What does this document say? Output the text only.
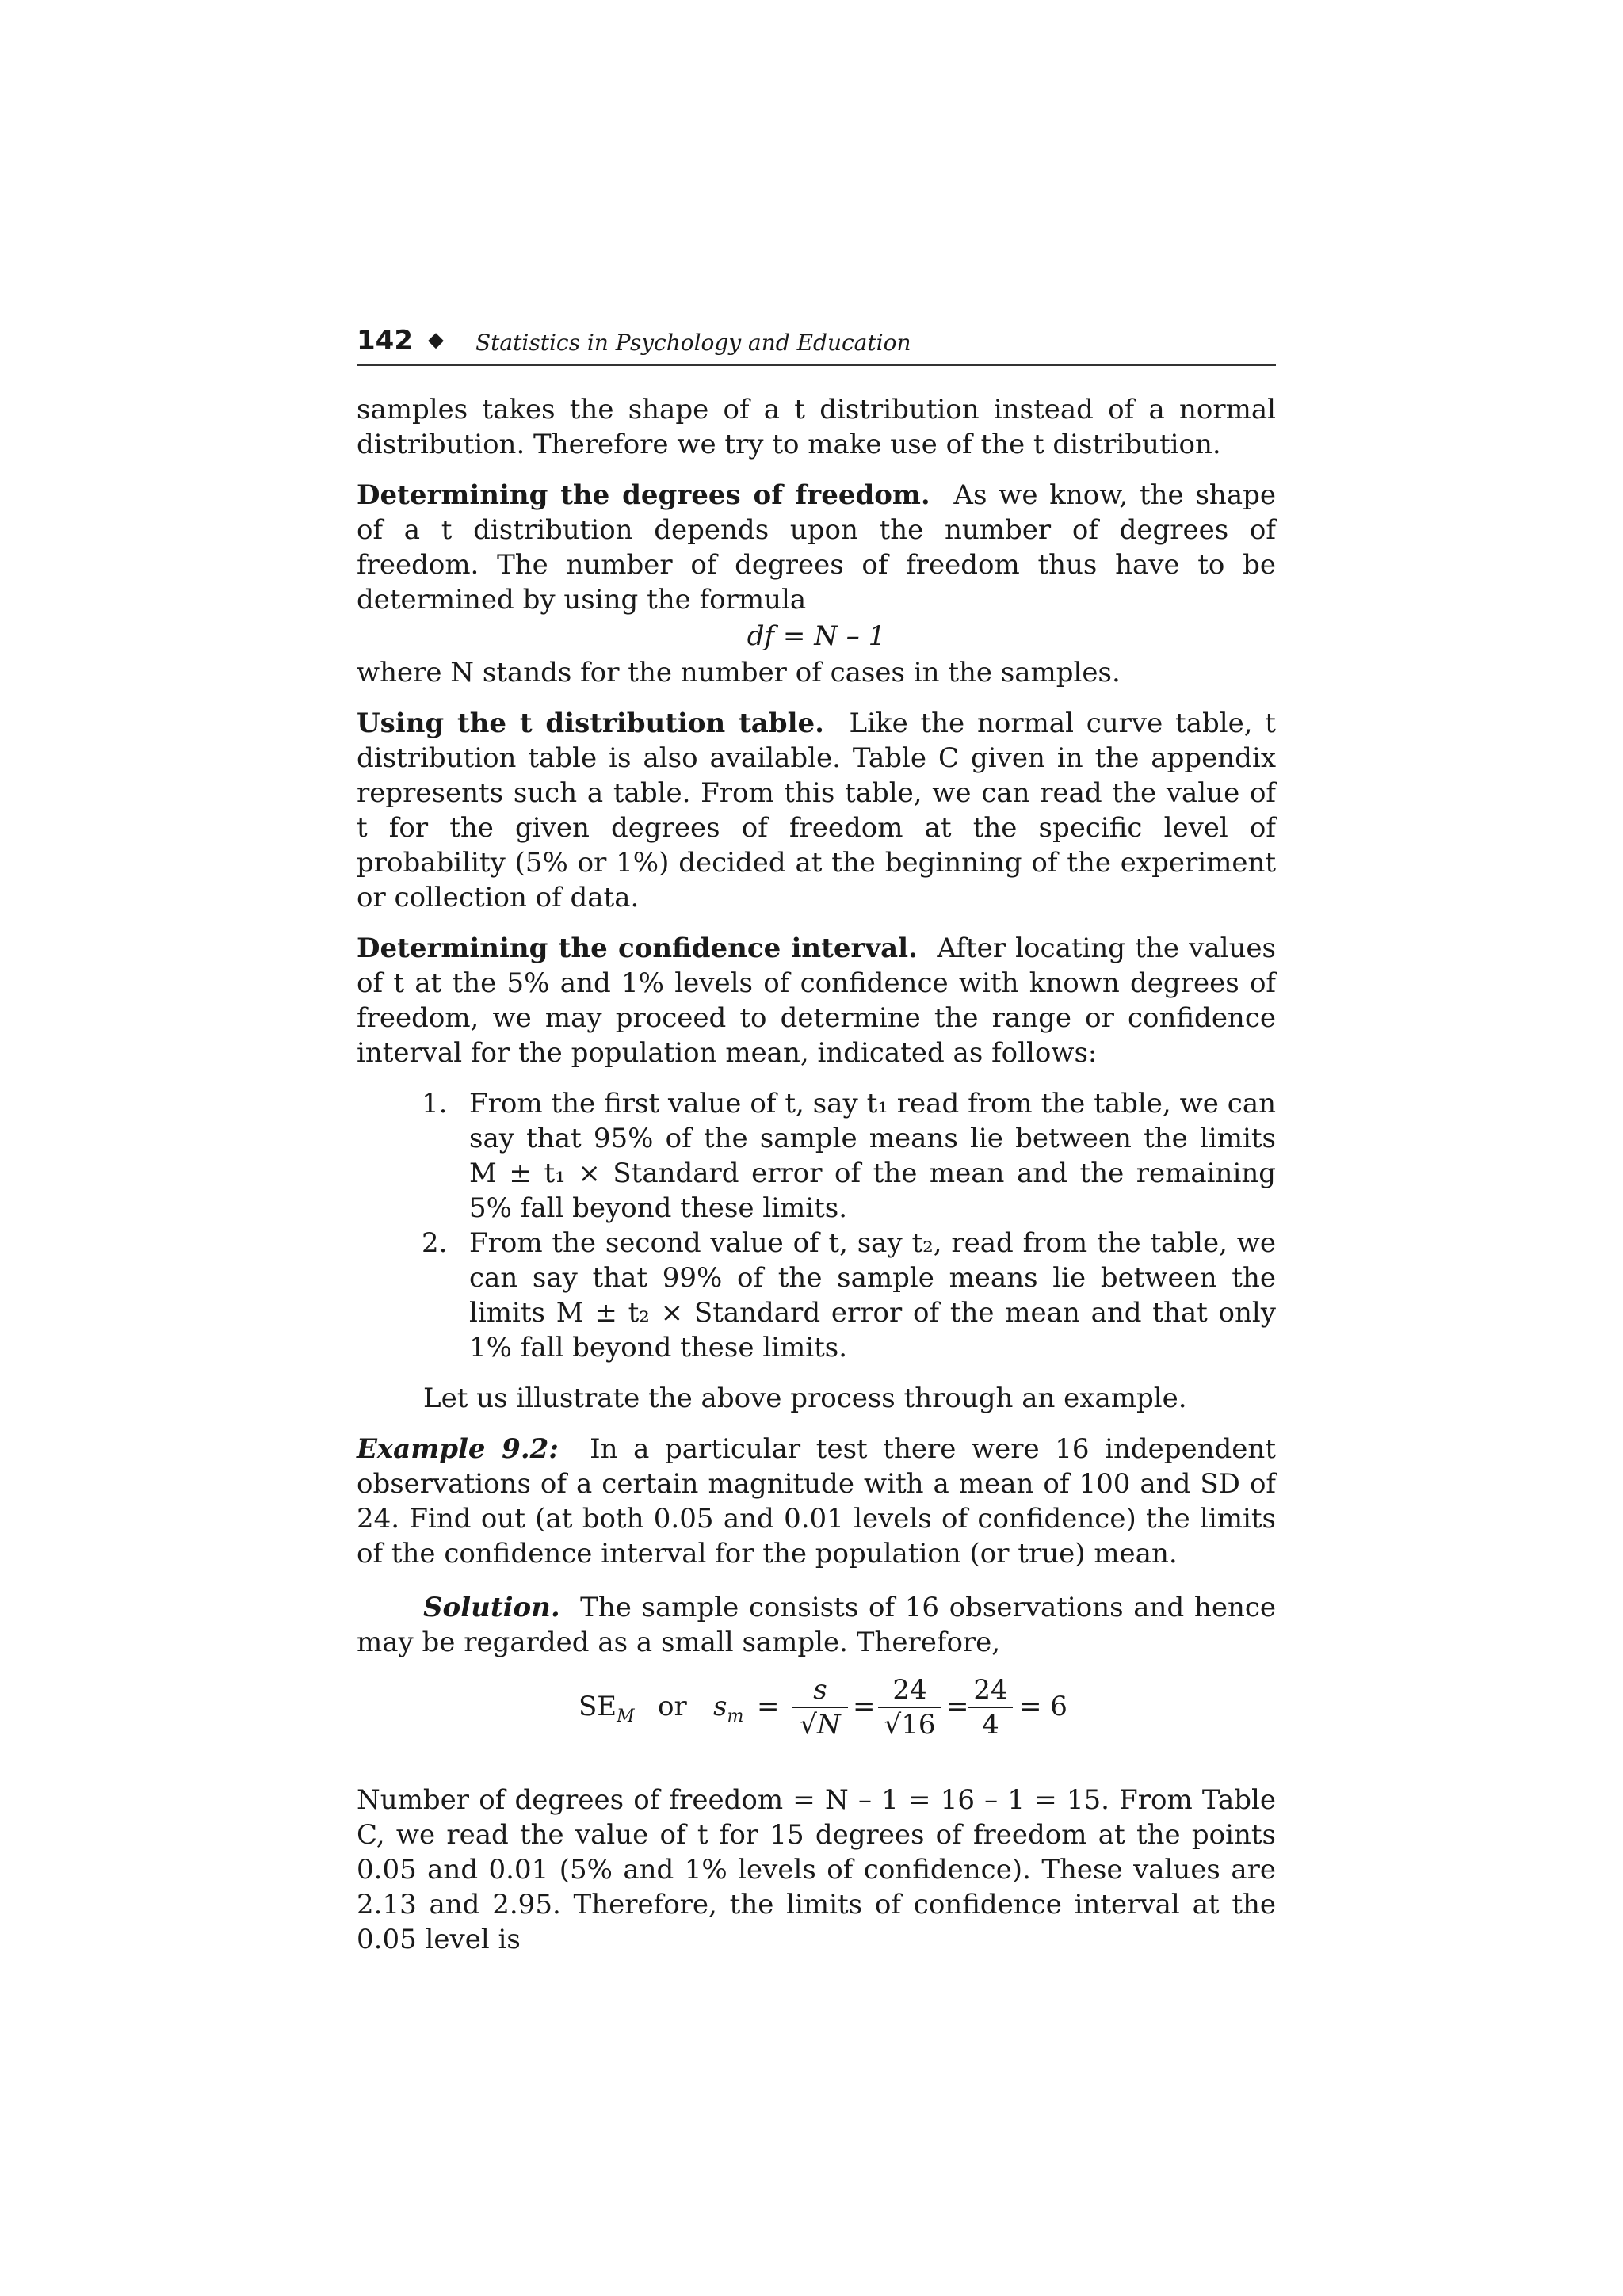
142 ◆ Statistics in Psychology and Education

samples takes the shape of a t distribution instead of a normal distribution. Therefore we try to make use of the t distribution.

Determining the degrees of freedom. As we know, the shape of a t distribution depends upon the number of degrees of freedom. The number of degrees of freedom thus have to be determined by using the formula

df = N – 1

where N stands for the number of cases in the samples.

Using the t distribution table. Like the normal curve table, t distribution table is also available. Table C given in the appendix represents such a table. From this table, we can read the value of t for the given degrees of freedom at the specific level of probability (5% or 1%) decided at the beginning of the experiment or collection of data.

Determining the confidence interval. After locating the values of t at the 5% and 1% levels of confidence with known degrees of freedom, we may proceed to determine the range or confidence interval for the population mean, indicated as follows:

1. From the first value of t, say t₁ read from the table, we can say that 95% of the sample means lie between the limits M ± t₁ × Standard error of the mean and the remaining 5% fall beyond these limits.
2. From the second value of t, say t₂, read from the table, we can say that 99% of the sample means lie between the limits M ± t₂ × Standard error of the mean and that only 1% fall beyond these limits.

Let us illustrate the above process through an example.

Example 9.2: In a particular test there were 16 independent observations of a certain magnitude with a mean of 100 and SD of 24. Find out (at both 0.05 and 0.01 levels of confidence) the limits of the confidence interval for the population (or true) mean.

Solution. The sample consists of 16 observations and hence may be regarded as a small sample. Therefore,

$SE_M$ or $s_m = \frac{s}{√N} = \frac{24}{√16} = \frac{24}{4} = 6$

Number of degrees of freedom = N – 1 = 16 – 1 = 15. From Table C, we read the value of t for 15 degrees of freedom at the points 0.05 and 0.01 (5% and 1% levels of confidence). These values are 2.13 and 2.95. Therefore, the limits of confidence interval at the 0.05 level is
